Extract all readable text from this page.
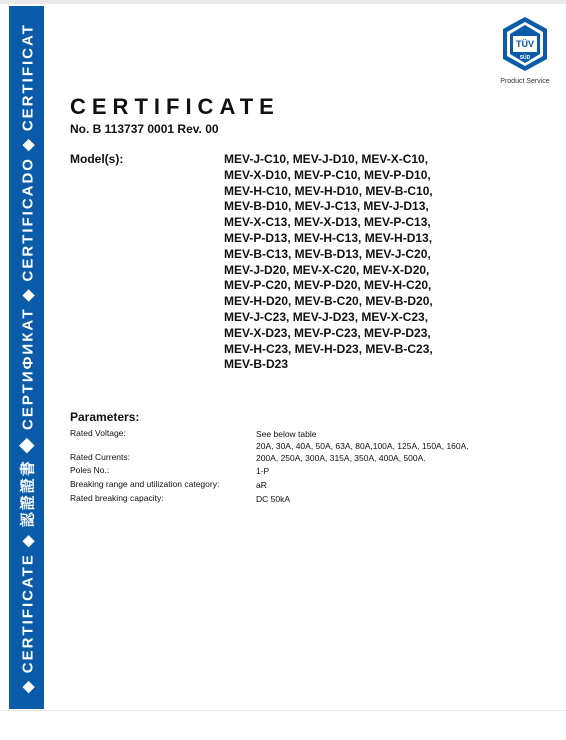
◆ CERTIFICATE ◆ 認證證書 ◆ СЕРТИФИКАТ ◆ CERTIFICADO ◆ CERTIFICAT	TÜV
SÜD
Product Service
CERTIFICATE
No. B 113737 0001 Rev. 00
Model(s):	MEV-J-C10, MEV-J-D10, MEV-X-C10,
MEV-X-D10, MEV-P-C10, MEV-P-D10,
MEV-H-C10, MEV-H-D10, MEV-B-C10,
MEV-B-D10, MEV-J-C13, MEV-J-D13,
MEV-X-C13, MEV-X-D13, MEV-P-C13,
MEV-P-D13, MEV-H-C13, MEV-H-D13,
MEV-B-C13, MEV-B-D13, MEV-J-C20,
MEV-J-D20, MEV-X-C20, MEV-X-D20,
MEV-P-C20, MEV-P-D20, MEV-H-C20,
MEV-H-D20, MEV-B-C20, MEV-B-D20,
MEV-J-C23, MEV-J-D23, MEV-X-C23,
MEV-X-D23, MEV-P-C23, MEV-P-D23,
MEV-H-C23, MEV-H-D23, MEV-B-C23,
MEV-B-D23
Parameters:
Rated Voltage:	See below table
20A, 30A, 40A, 50A, 63A, 80A,100A, 125A, 150A, 160A,
Rated Currents:	200A, 250A, 300A, 315A, 350A, 400A, 500A.
Poles No.:	1-P
Breaking range and utilization category:	aR
Rated breaking capacity:	DC 50kA
